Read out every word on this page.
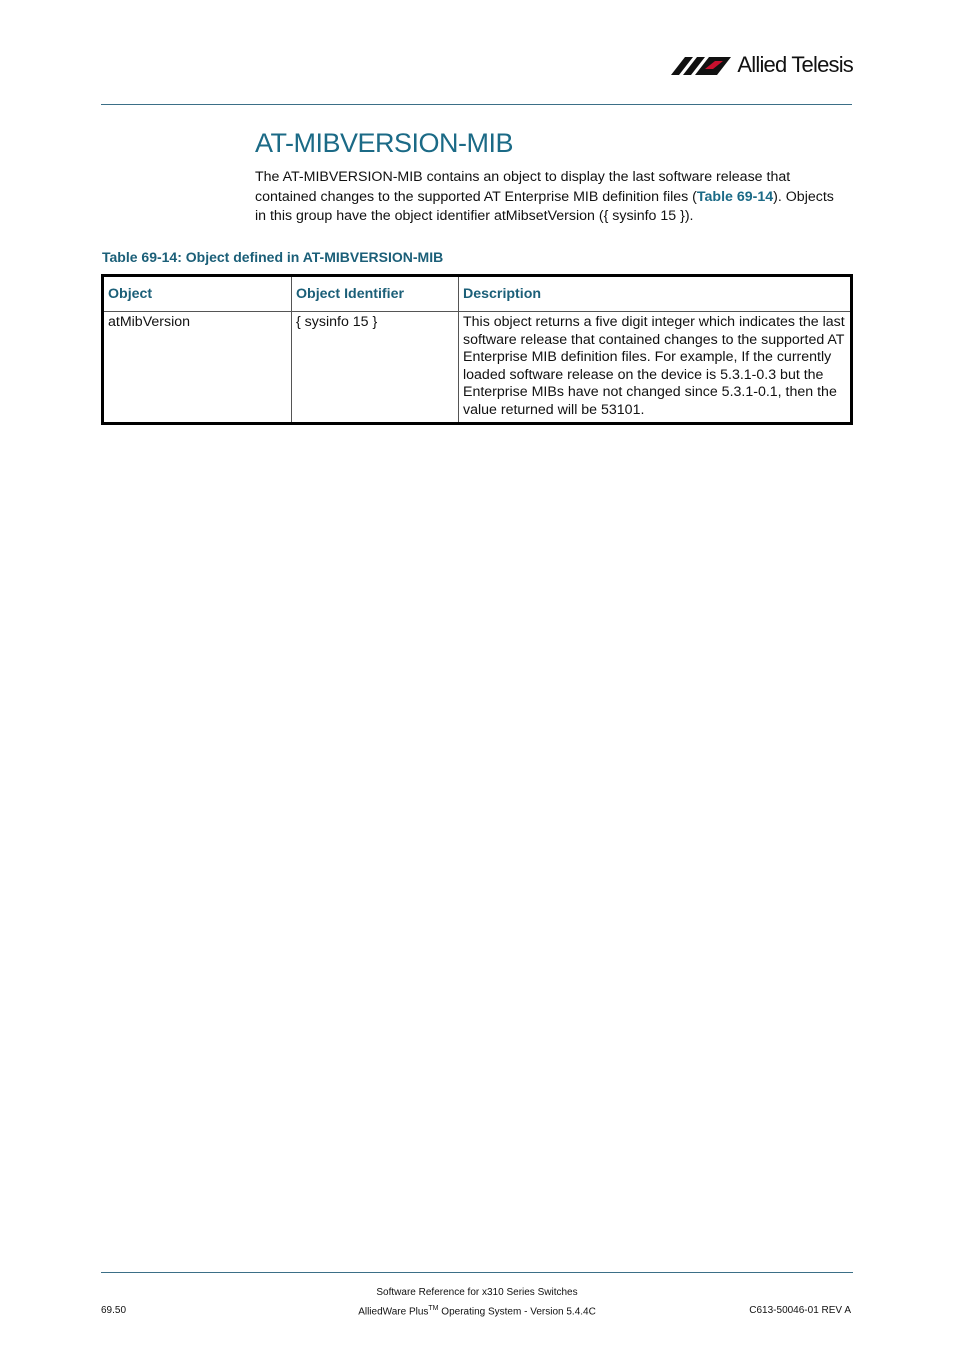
Allied Telesis
AT-MIBVERSION-MIB

The AT-MIBVERSION-MIB contains an object to display the last software release that contained changes to the supported AT Enterprise MIB definition files (Table 69-14). Objects in this group have the object identifier atMibsetVersion ({ sysinfo 15 }).

Table 69-14: Object defined in AT-MIBVERSION-MIB
Object	Object Identifier	Description
atMibVersion	{ sysinfo 15 }	This object returns a five digit integer which indicates the last software release that contained changes to the supported AT Enterprise MIB definition files. For example, If the currently loaded software release on the device is 5.3.1-0.3 but the Enterprise MIBs have not changed since 5.3.1-0.1, then the value returned will be 53101.
Software Reference for x310 Series Switches
AlliedWare Plus™ Operating System - Version 5.4.4C
69.50	C613-50046-01 REV A
